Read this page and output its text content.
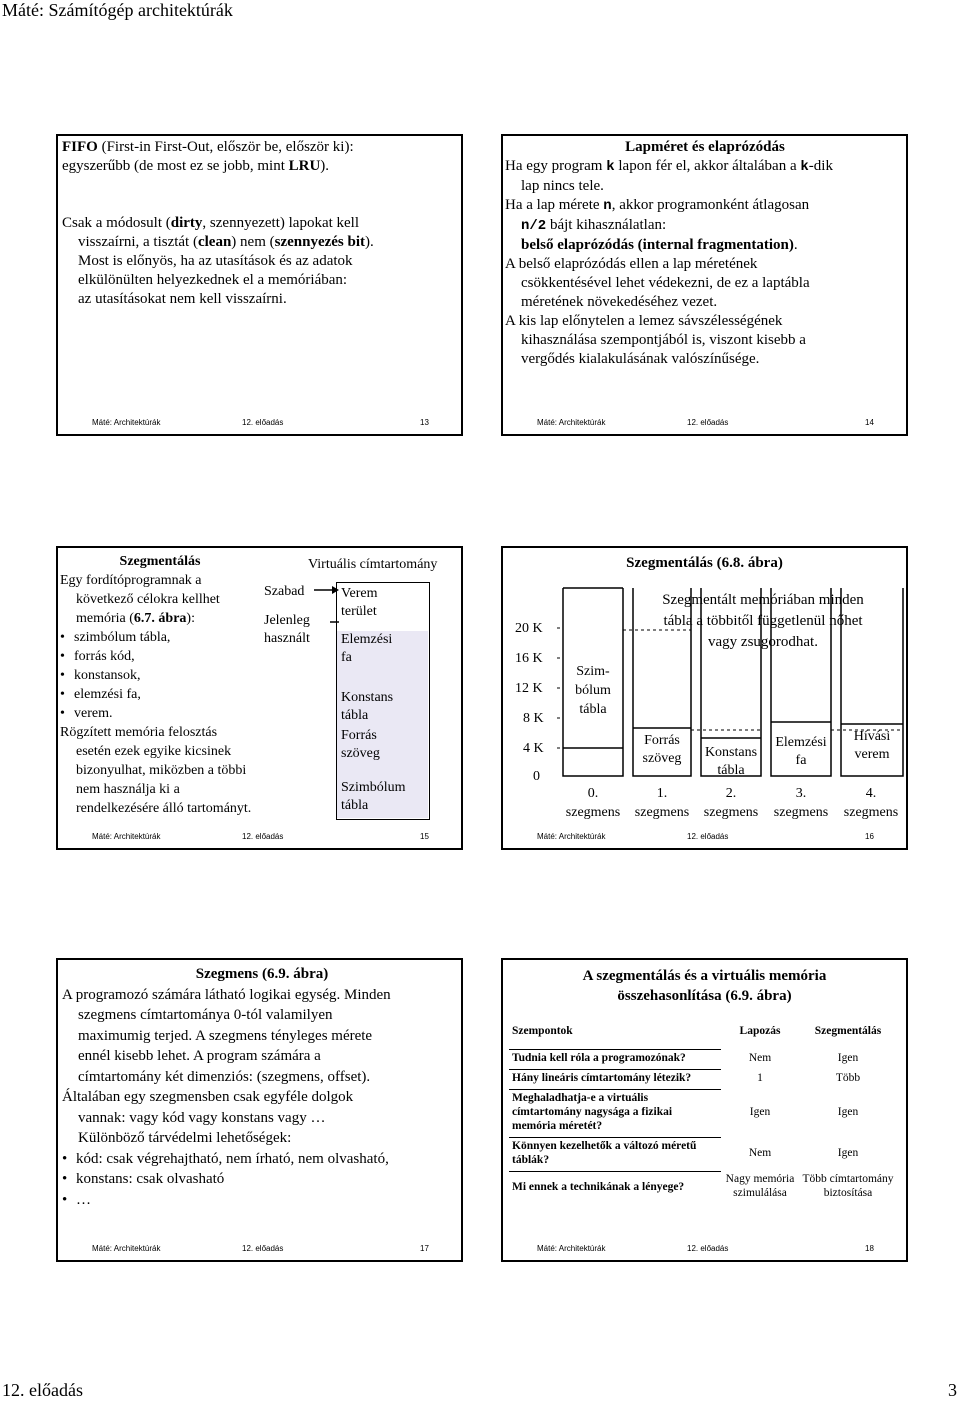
Máté: Számítógép architektúrák
FIFO (First-in First-Out, először be, először ki):
egyszerűbb (de most ez se jobb, mint LRU).
Csak a módosult (dirty, szennyezett) lapokat kell
visszaírni, a tisztát (clean) nem (szennyezés bit).
Most is előnyös, ha az utasítások és az adatok
elkülönülten helyezkednek el a memóriában:
az utasításokat nem kell visszaírni.
Máté: Architektúrák	12. előadás	13
Lapméret és elaprózódás
Ha egy program k lapon fér el, akkor általában a k-dik
lap nincs tele.
Ha a lap mérete n, akkor programonként átlagosan
n/2 bájt kihasználatlan:
belső elaprózódás (internal fragmentation).
A belső elaprózódás ellen a lap méretének
csökkentésével lehet védekezni, de ez a laptábla
méretének növekedéséhez vezet.
A kis lap előnytelen a lemez sávszélességének
kihasználása szempontjából is, viszont kisebb a
vergődés kialakulásának valószínűsége.
Máté: Architektúrák	12. előadás	14
Szegmentálás
Egy fordítóprogramnak a
következő célokra kellhet
memória (6.7. ábra):
• szimbólum tábla,
• forrás kód,
• konstansok,
• elemzési fa,
• verem.
Rögzített memória felosztás
esetén ezek egyike kicsinek
bizonyulhat, miközben a többi
nem használja ki a
rendelkezésére álló tartományt.
Virtuális címtartomány
Szabad
Jelenleg
használt
Verem
terület
Elemzési
fa
Konstans
tábla
Forrás
szöveg
Szimbólum
tábla
Máté: Architektúrák	12. előadás	15
Szegmentálás (6.8. ábra)
Szegmentált memóriában minden
tábla a többitől függetlenül nőhet
vagy zsugorodhat.
20 K
16 K
12 K
8 K
4 K
0
Szim-
bólum
tábla
Forrás
szöveg	Konstans
tábla
Elemzési
fa
Hívási
verem
0.
szegmens
1.
szegmens
2.
szegmens
3.
szegmens
4.
szegmens
Máté: Architektúrák	12. előadás	16
Szegmens (6.9. ábra)
A programozó számára látható logikai egység. Minden
szegmens címtartománya 0-tól valamilyen
maximumig terjed. A szegmens tényleges mérete
ennél kisebb lehet. A program számára a
címtartomány két dimenziós: (szegmens, offset).
Általában egy szegmensben csak egyféle dolgok
vannak: vagy kód vagy konstans vagy …
Különböző tárvédelmi lehetőségek:
• kód: csak végrehajtható, nem írható, nem olvasható,
• konstans: csak olvasható
• …
Máté: Architektúrák	12. előadás	17
A szegmentálás és a virtuális memória
összehasonlítása (6.9. ábra)
Szempontok	Lapozás	Szegmentálás
Tudnia kell róla a programozónak?	Nem	Igen
Hány lineáris címtartomány létezik?	1	Több
Meghaladhatja-e a virtuális címtartomány nagysága a fizikai memória méretét?	Igen	Igen
Könnyen kezelhetők a változó méretű táblák?	Nem	Igen
Mi ennek a technikának a lényege?	Nagy memória szimulálása	Több címtartomány biztosítása
Máté: Architektúrák	12. előadás	18
12. előadás	3
